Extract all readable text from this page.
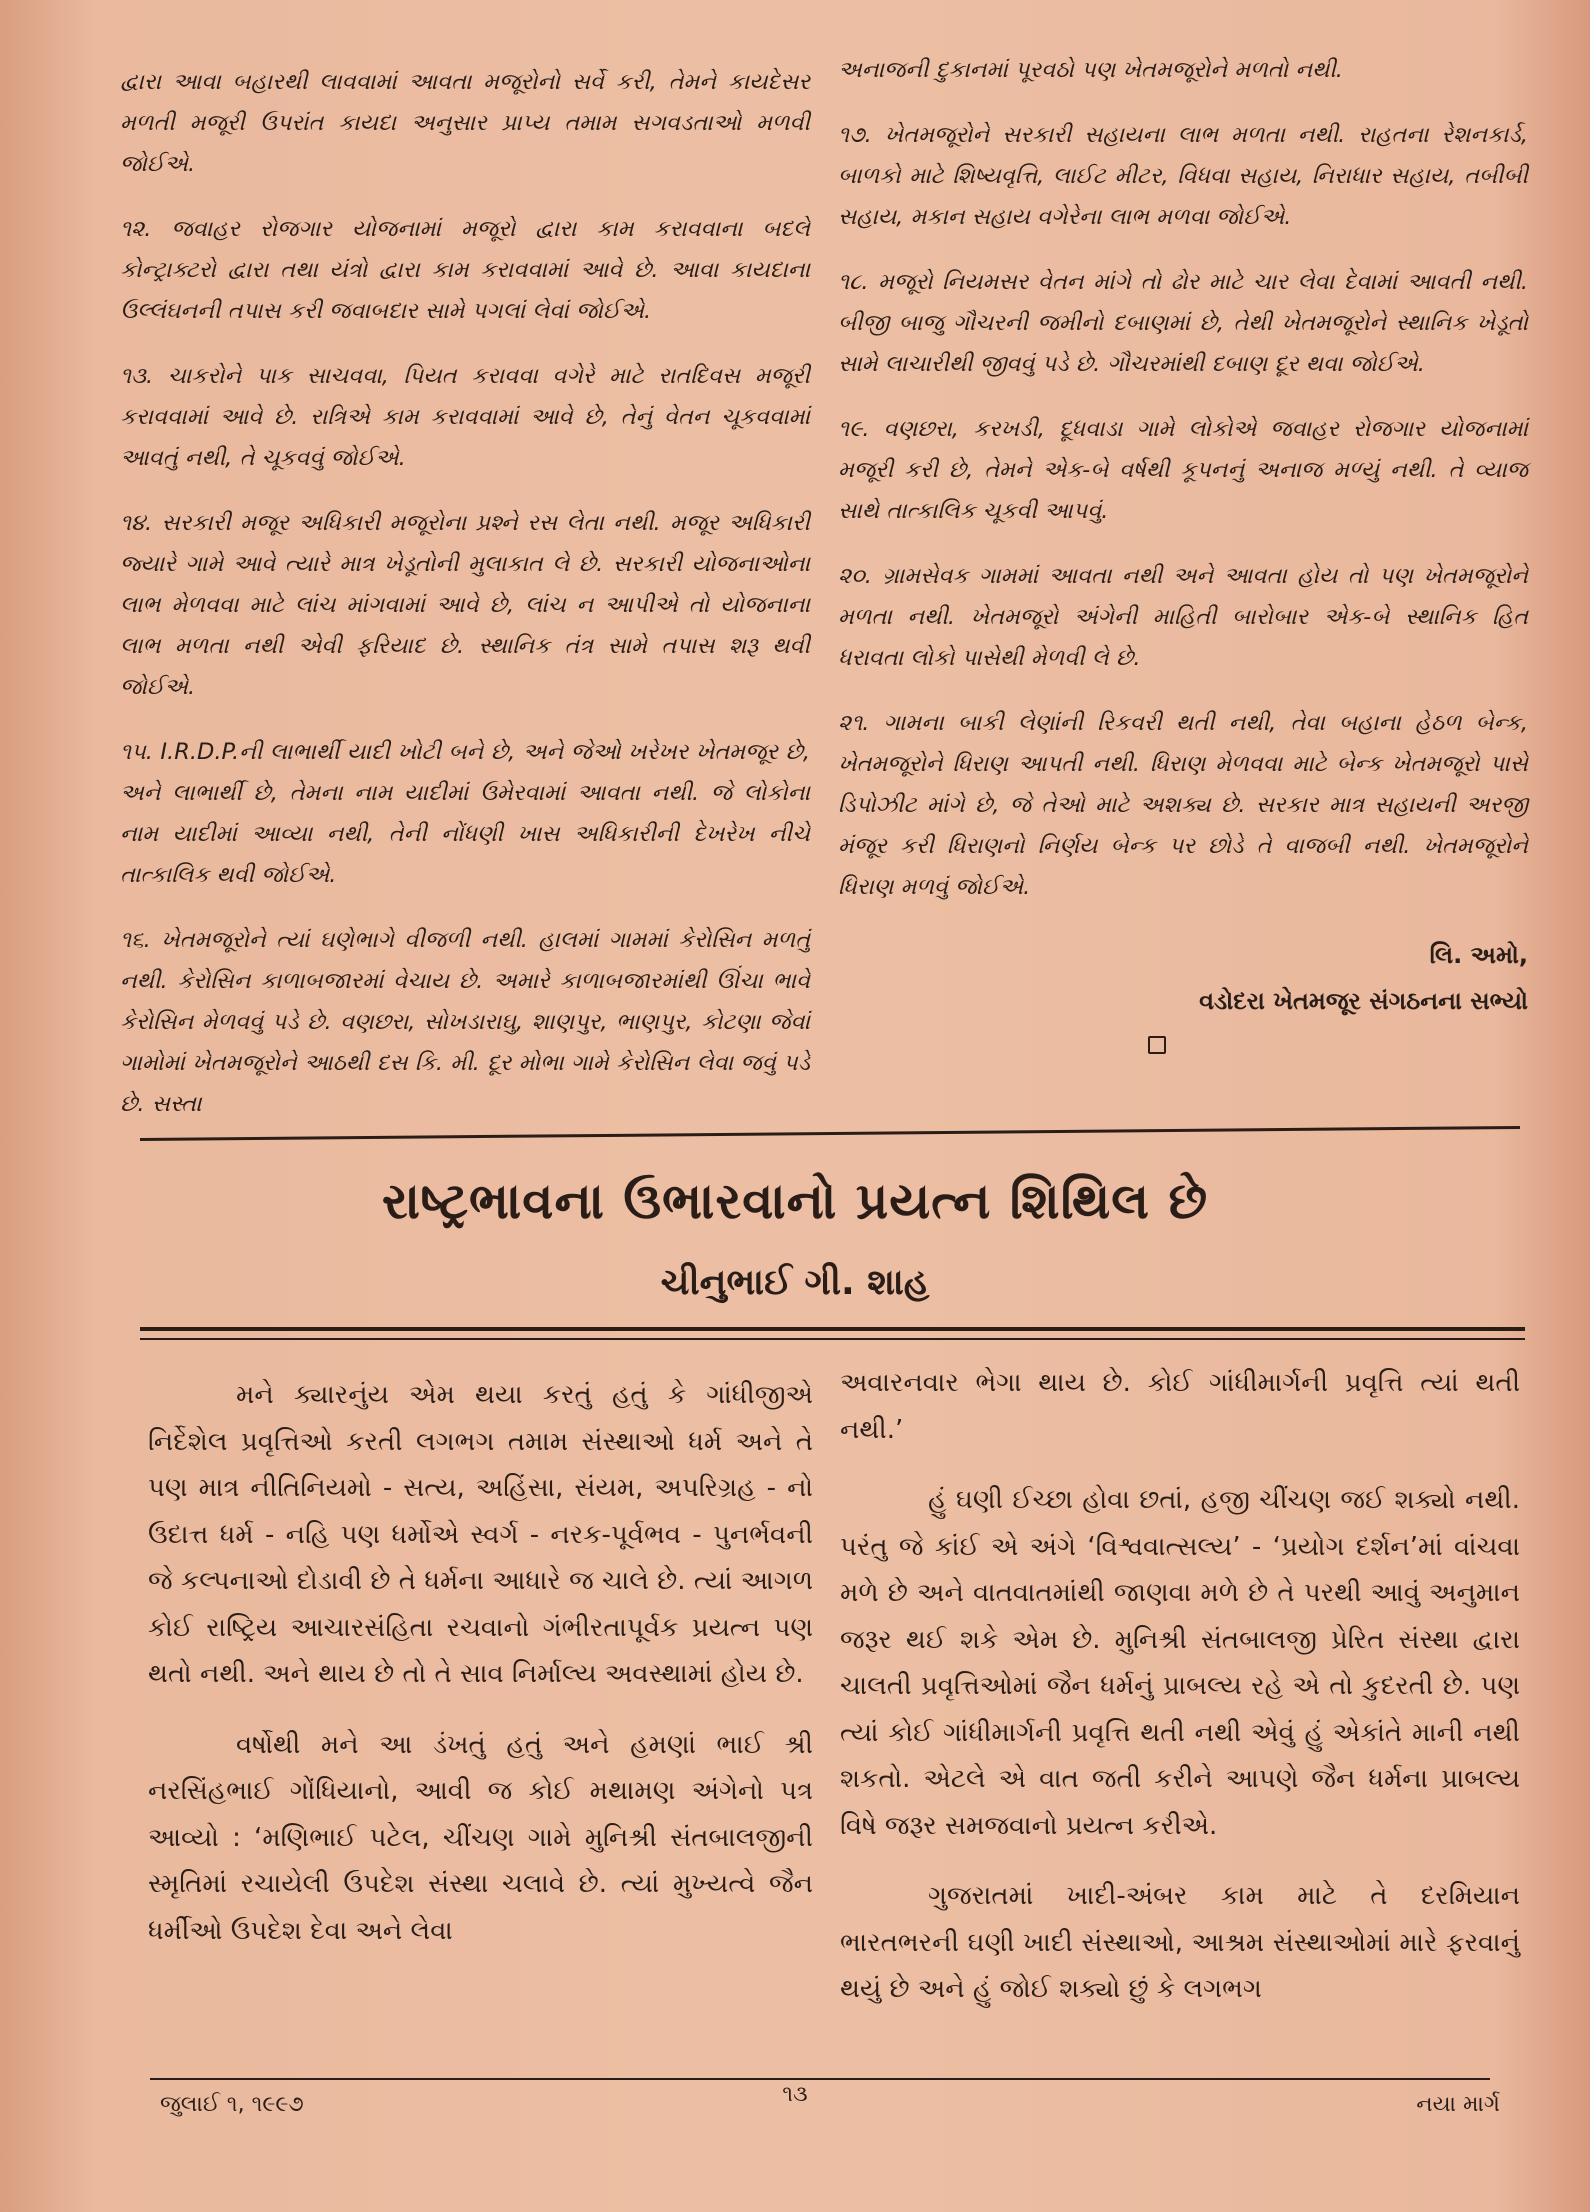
દ્વારા આવા બહારથી લાવવામાં આવતા મજૂરોનો સર્વે કરી, તેમને કાયદેસર મળતી મજૂરી ઉપરાંત કાયદા અનુસાર પ્રાપ્ય તમામ સગવડતાઓ મળવી જોઈએ.

૧૨. જવાહર રોજગાર યોજનામાં મજૂરો દ્વારા કામ કરાવવાના બદલે કોન્ટ્રાક્ટરો દ્વારા તથા યંત્રો દ્વારા કામ કરાવવામાં આવે છે. આવા કાયદાના ઉલ્લંઘનની તપાસ કરી જવાબદાર સામે પગલાં લેવાં જોઈએ.

૧૩. ચાકરોને પાક સાચવવા, પિયત કરાવવા વગેરે માટે રાતદિવસ મજૂરી કરાવવામાં આવે છે. રાત્રિએ કામ કરાવવામાં આવે છે, તેનું વેતન ચૂકવવામાં આવતું નથી, તે ચૂકવવું જોઈએ.

૧૪. સરકારી મજૂર અધિકારી મજૂરોના પ્રશ્ને રસ લેતા નથી. મજૂર અધિકારી જ્યારે ગામે આવે ત્યારે માત્ર ખેડૂતોની મુલાકાત લે છે. સરકારી યોજનાઓના લાભ મેળવવા માટે લાંચ માંગવામાં આવે છે, લાંચ ન આપીએ તો યોજનાના લાભ મળતા નથી એવી ફરિયાદ છે. સ્થાનિક તંત્ર સામે તપાસ શરૂ થવી જોઈએ.

૧૫. I.R.D.P.ની લાભાર્થી યાદી ખોટી બને છે, અને જેઓ ખરેખર ખેતમજૂર છે, અને લાભાર્થી છે, તેમના નામ યાદીમાં ઉમેરવામાં આવતા નથી. જે લોકોના નામ યાદીમાં આવ્યા નથી, તેની નોંધણી ખાસ અધિકારીની દેખરેખ નીચે તાત્કાલિક થવી જોઈએ.

૧૬. ખેતમજૂરોને ત્યાં ઘણેભાગે વીજળી નથી. હાલમાં ગામમાં કેરોસિન મળતું નથી. કેરોસિન કાળાબજારમાં વેચાય છે. અમારે કાળાબજારમાંથી ઊંચા ભાવે કેરોસિન મેળવવું પડે છે. વણછરા, સોખડારાઘુ, શાણપુર, ભાણપુર, કોટણા જેવાં ગામોમાં ખેતમજૂરોને આઠથી દસ કિ. મી. દૂર મોભા ગામે કેરોસિન લેવા જવું પડે છે. સસ્તા

અનાજની દુકાનમાં પૂરવઠો પણ ખેતમજૂરોને મળતો નથી.

૧૭. ખેતમજૂરોને સરકારી સહાયના લાભ મળતા નથી. રાહતના રેશનકાર્ડ, બાળકો માટે શિષ્યવૃત્તિ, લાઈટ મીટર, વિધવા સહાય, નિરાધાર સહાય, તબીબી સહાય, મકાન સહાય વગેરેના લાભ મળવા જોઈએ.

૧૮. મજૂરો નિયમસર વેતન માંગે તો ઢોર માટે ચાર લેવા દેવામાં આવતી નથી. બીજી બાજુ ગૌચરની જમીનો દબાણમાં છે, તેથી ખેતમજૂરોને સ્થાનિક ખેડૂતો સામે લાચારીથી જીવવું પડે છે. ગૌચરમાંથી દબાણ દૂર થવા જોઈએ.

૧૯. વણછરા, કરખડી, દૂધવાડા ગામે લોકોએ જવાહર રોજગાર યોજનામાં મજૂરી કરી છે, તેમને એક-બે વર્ષથી કૂપનનું અનાજ મળ્યું નથી. તે વ્યાજ સાથે તાત્કાલિક ચૂકવી આપવું.

૨૦. ગ્રામસેવક ગામમાં આવતા નથી અને આવતા હોય તો પણ ખેતમજૂરોને મળતા નથી. ખેતમજૂરો અંગેની માહિતી બારોબાર એક-બે સ્થાનિક હિત ધરાવતા લોકો પાસેથી મેળવી લે છે.

૨૧. ગામના બાકી લેણાંની રિકવરી થતી નથી, તેવા બહાના હેઠળ બેન્ક, ખેતમજૂરોને ધિરાણ આપતી નથી. ધિરાણ મેળવવા માટે બેન્ક ખેતમજૂરો પાસે ડિપોઝીટ માંગે છે, જે તેઓ માટે અશક્ય છે. સરકાર માત્ર સહાયની અરજી મંજૂર કરી ધિરાણનો નિર્ણય બેન્ક પર છોડે તે વાજબી નથી. ખેતમજૂરોને ધિરાણ મળવું જોઈએ.

લિ. અમો,
વડોદરા ખેતમજૂર સંગઠનના સભ્યો
રાષ્ટ્રભાવના ઉભારવાનો પ્રયત્ન શિથિલ છે
ચીનુભાઈ ગી. શાહ

મને ક્યારનુંય એમ થયા કરતું હતું કે ગાંધીજીએ નિર્દેશેલ પ્રવૃત્તિઓ કરતી લગભગ તમામ સંસ્થાઓ ધર્મ અને તે પણ માત્ર નીતિનિયમો - સત્ય, અહિંસા, સંયમ, અપરિગ્રહ - નો ઉદાત્ત ધર્મ - નહિ પણ ધર્મોએ સ્વર્ગ - નરક-પૂર્વભવ - પુનર્ભવની જે કલ્પનાઓ દોડાવી છે તે ધર્મના આધારે જ ચાલે છે. ત્યાં આગળ કોઈ રાષ્ટ્રિય આચારસંહિતા રચવાનો ગંભીરતાપૂર્વક પ્રયત્ન પણ થતો નથી. અને થાય છે તો તે સાવ નિર્માલ્ય અવસ્થામાં હોય છે.

વર્ષોથી મને આ ડંખતું હતું અને હમણાં ભાઈ શ્રી નરસિંહભાઈ ગોંધિયાનો, આવી જ કોઈ મથામણ અંગેનો પત્ર આવ્યો : ‘મણિભાઈ પટેલ, ચીંચણ ગામે મુનિશ્રી સંતબાલજીની સ્મૃતિમાં રચાયેલી ઉપદેશ સંસ્થા ચલાવે છે. ત્યાં મુખ્યત્વે જૈન ધર્મીઓ ઉપદેશ દેવા અને લેવા

અવારનવાર ભેગા થાય છે. કોઈ ગાંધીમાર્ગની પ્રવૃત્તિ ત્યાં થતી નથી.’

હું ઘણી ઈચ્છા હોવા છતાં, હજી ચીંચણ જઈ શક્યો નથી. પરંતુ જે કાંઈ એ અંગે ‘વિશ્વવાત્સલ્ય’ - ‘પ્રયોગ દર્શન’માં વાંચવા મળે છે અને વાતવાતમાંથી જાણવા મળે છે તે પરથી આવું અનુમાન જરૂર થઈ શકે એમ છે. મુનિશ્રી સંતબાલજી પ્રેરિત સંસ્થા દ્વારા ચાલતી પ્રવૃત્તિઓમાં જૈન ધર્મનું પ્રાબલ્ય રહે એ તો કુદરતી છે. પણ ત્યાં કોઈ ગાંધીમાર્ગની પ્રવૃત્તિ થતી નથી એવું હું એકાંતે માની નથી શકતો. એટલે એ વાત જતી કરીને આપણે જૈન ધર્મના પ્રાબલ્ય વિષે જરૂર સમજવાનો પ્રયત્ન કરીએ.

ગુજરાતમાં ખાદી-અંબર કામ માટે તે દરમિયાન ભારતભરની ઘણી ખાદી સંસ્થાઓ, આશ્રમ સંસ્થાઓમાં મારે ફરવાનું થયું છે અને હું જોઈ શક્યો છું કે લગભગ

જુલાઈ ૧, ૧૯૯૭	૧૩	નયા માર્ગ
